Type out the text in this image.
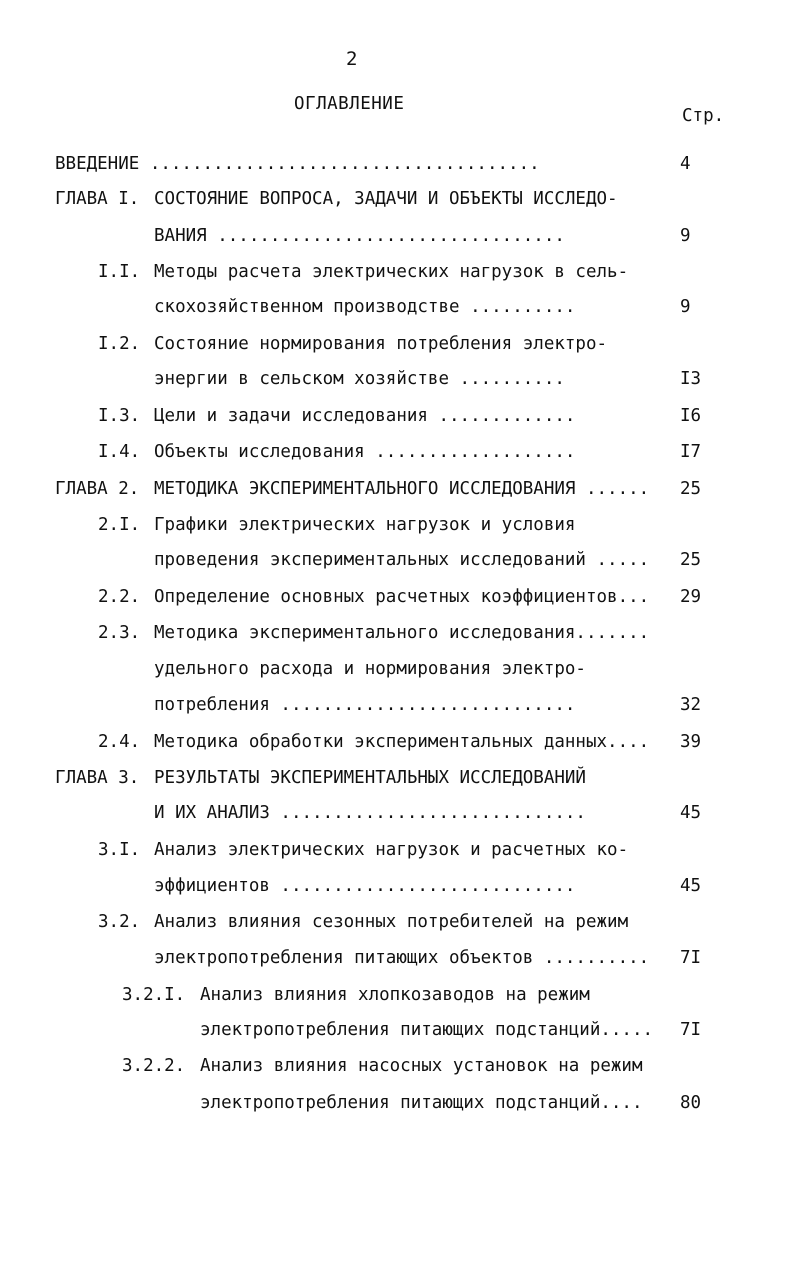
2
ОГЛАВЛЕНИЕ
Стр.
ВВЕДЕНИЕ .....................................	4
ГЛАВА I. СОСТОЯНИЕ ВОПРОСА, ЗАДАЧИ И ОБЪЕКТЫ ИССЛЕДО-
ВАНИЯ .................................	9
I.I. Методы расчета электрических нагрузок в сель-
скохозяйственном производстве ..........	9
I.2. Состояние нормирования потребления электро-
энергии в сельском хозяйстве ..........	I3
I.3. Цели и задачи исследования .............	I6
I.4. Объекты исследования ...................	I7
ГЛАВА 2. МЕТОДИКА ЭКСПЕРИМЕНТАЛЬНОГО ИССЛЕДОВАНИЯ ...... 25
2.I. Графики электрических нагрузок и условия
проведения экспериментальных исследований ..... 25
2.2. Определение основных расчетных коэффициентов... 29
2.3. Методика экспериментального исследования.......
удельного расхода и нормирования электро-
потребления ............................	32
2.4. Методика обработки экспериментальных данных.... 39
ГЛАВА 3. РЕЗУЛЬТАТЫ ЭКСПЕРИМЕНТАЛЬНЫХ ИССЛЕДОВАНИЙ
И ИХ АНАЛИЗ .............................	45
3.I. Анализ электрических нагрузок и расчетных ко-
эффициентов ............................	45
3.2. Анализ влияния сезонных потребителей на режим
электропотребления питающих объектов .......... 7I
3.2.I. Анализ влияния хлопкозаводов на режим
электропотребления питающих подстанций..... 7I
3.2.2. Анализ влияния насосных установок на режим
электропотребления питающих подстанций.... 80
